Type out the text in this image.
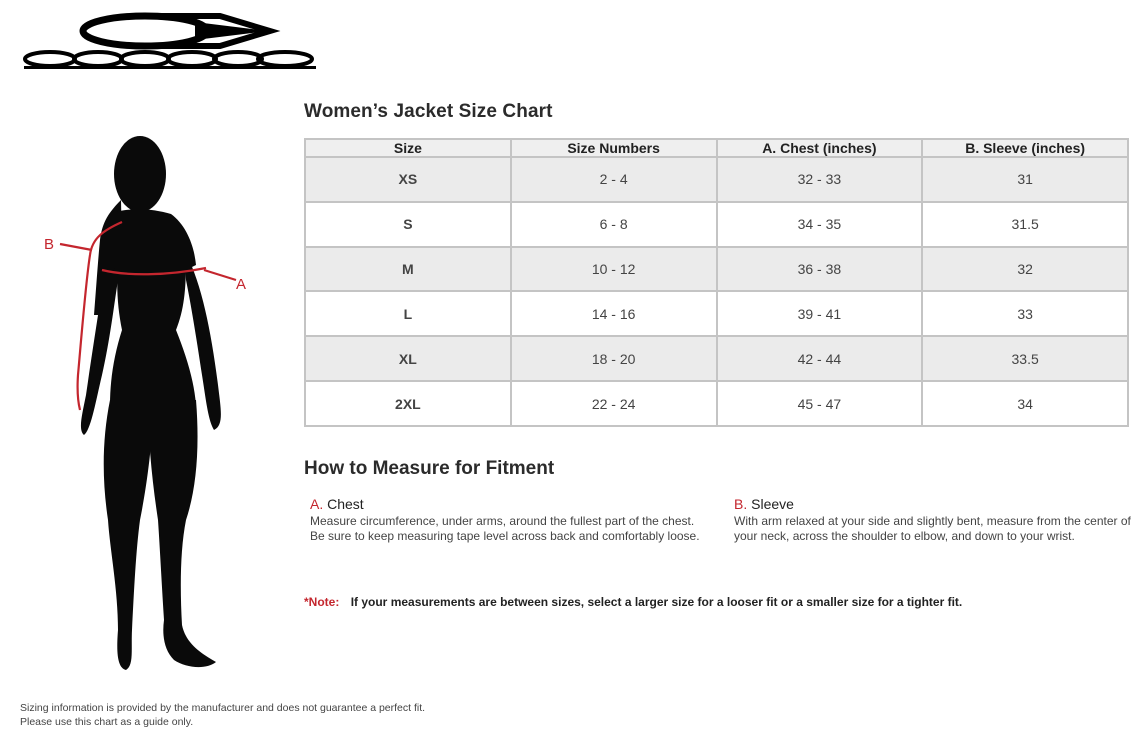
B
A
Women’s Jacket Size Chart
Size	Size Numbers	A. Chest (inches)	B. Sleeve (inches)
XS	2 - 4	32 - 33	31
S	6 - 8	34 - 35	31.5
M	10 - 12	36 - 38	32
L	14 - 16	39 - 41	33
XL	18 - 20	42 - 44	33.5
2XL	22 - 24	45 - 47	34
How to Measure for Fitment
A. Chest
Measure circumference, under arms, around the fullest part of the chest. Be sure to keep measuring tape level across back and comfortably loose.
B. Sleeve
With arm relaxed at your side and slightly bent, measure from the center of your neck, across the shoulder to elbow, and down to your wrist.
*Note: If your measurements are between sizes, select a larger size for a looser fit or a smaller size for a tighter fit.
Sizing information is provided by the manufacturer and does not guarantee a perfect fit.
Please use this chart as a guide only.
